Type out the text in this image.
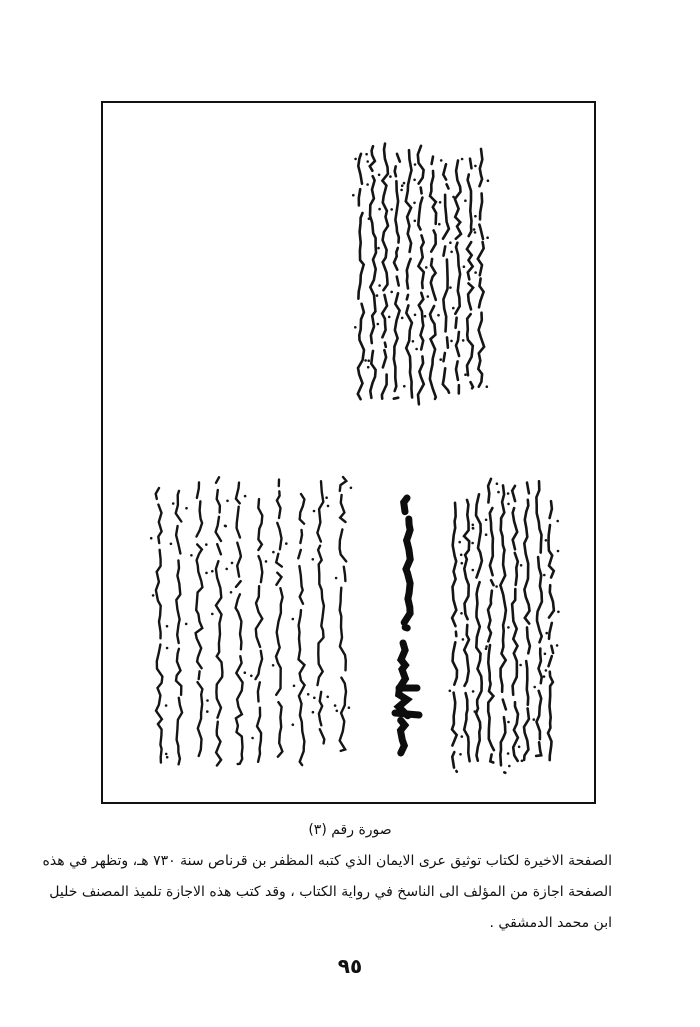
صورة رقم (٣)
الصفحة الاخيرة لكتاب توثيق عرى الايمان الذي كتبه المظفر بن قرناص سنة ٧٣٠ هـ، وتظهر في هذه
الصفحة اجازة من المؤلف الى الناسخ في رواية الكتاب ، وقد كتب هذه الاجازة تلميذ المصنف خليل
ابن محمد الدمشقي .
٩٥
